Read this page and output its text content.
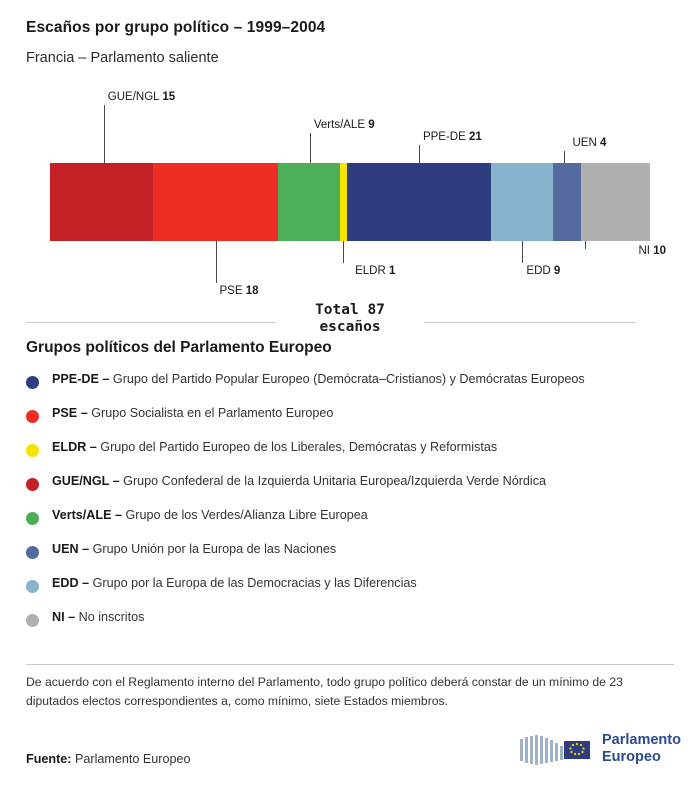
Escaños por grupo político – 1999–2004
Francia – Parlamento saliente
GUE/NGL 15
PSE 18
Verts/ALE 9
ELDR 1
PPE-DE 21
EDD 9
UEN 4
NI 10
Total 87
escaños
Grupos políticos del Parlamento Europeo
PPE-DE – Grupo del Partido Popular Europeo (Demócrata–Cristianos) y Demócratas Europeos
PSE – Grupo Socialista en el Parlamento Europeo
ELDR – Grupo del Partido Europeo de los Liberales, Demócratas y Reformistas
GUE/NGL – Grupo Confederal de la Izquierda Unitaria Europea/Izquierda Verde Nórdica
Verts/ALE – Grupo de los Verdes/Alianza Libre Europea
UEN – Grupo Unión por la Europa de las Naciones
EDD – Grupo por la Europa de las Democracias y las Diferencias
NI – No inscritos
De acuerdo con el Reglamento interno del Parlamento, todo grupo político deberá constar de un mínimo de 23 diputados electos correspondientes a, como mínimo, siete Estados miembros.
Fuente: Parlamento Europeo
Parlamento
Europeo
